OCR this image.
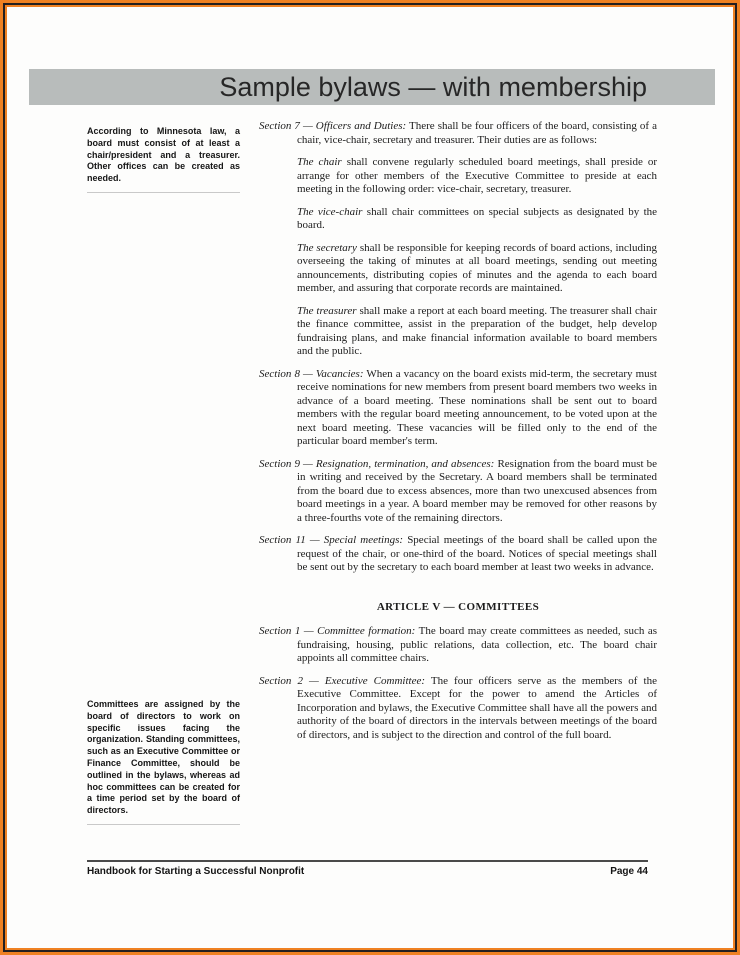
Sample bylaws — with membership
According to Minnesota law, a board must consist of at least a chair/president and a treasurer. Other offices can be created as needed.
Committees are assigned by the board of directors to work on specific issues facing the organization. Standing committees, such as an Executive Committee or Finance Committee, should be outlined in the bylaws, whereas ad hoc committees can be created for a time period set by the board of directors.

Section 7 — Officers and Duties: There shall be four officers of the board, consisting of a chair, vice-chair, secretary and treasurer. Their duties are as follows:

The chair shall convene regularly scheduled board meetings, shall preside or arrange for other members of the Executive Committee to preside at each meeting in the following order: vice-chair, secretary, treasurer.

The vice-chair shall chair committees on special subjects as designated by the board.

The secretary shall be responsible for keeping records of board actions, including overseeing the taking of minutes at all board meetings, sending out meeting announcements, distributing copies of minutes and the agenda to each board member, and assuring that corporate records are maintained.

The treasurer shall make a report at each board meeting. The treasurer shall chair the finance committee, assist in the preparation of the budget, help develop fundraising plans, and make financial information available to board members and the public.

Section 8 — Vacancies: When a vacancy on the board exists mid-term, the secretary must receive nominations for new members from present board members two weeks in advance of a board meeting. These nominations shall be sent out to board members with the regular board meeting announcement, to be voted upon at the next board meeting. These vacancies will be filled only to the end of the particular board member's term.

Section 9 — Resignation, termination, and absences: Resignation from the board must be in writing and received by the Secretary. A board members shall be terminated from the board due to excess absences, more than two unexcused absences from board meetings in a year. A board member may be removed for other reasons by a three-fourths vote of the remaining directors.

Section 11 — Special meetings: Special meetings of the board shall be called upon the request of the chair, or one-third of the board. Notices of special meetings shall be sent out by the secretary to each board member at least two weeks in advance.

ARTICLE V — COMMITTEES

Section 1 — Committee formation: The board may create committees as needed, such as fundraising, housing, public relations, data collection, etc. The board chair appoints all committee chairs.

Section 2 — Executive Committee: The four officers serve as the members of the Executive Committee. Except for the power to amend the Articles of Incorporation and bylaws, the Executive Committee shall have all the powers and authority of the board of directors in the intervals between meetings of the board of directors, and is subject to the direction and control of the full board.

Handbook for Starting a Successful Nonprofit	Page 44
